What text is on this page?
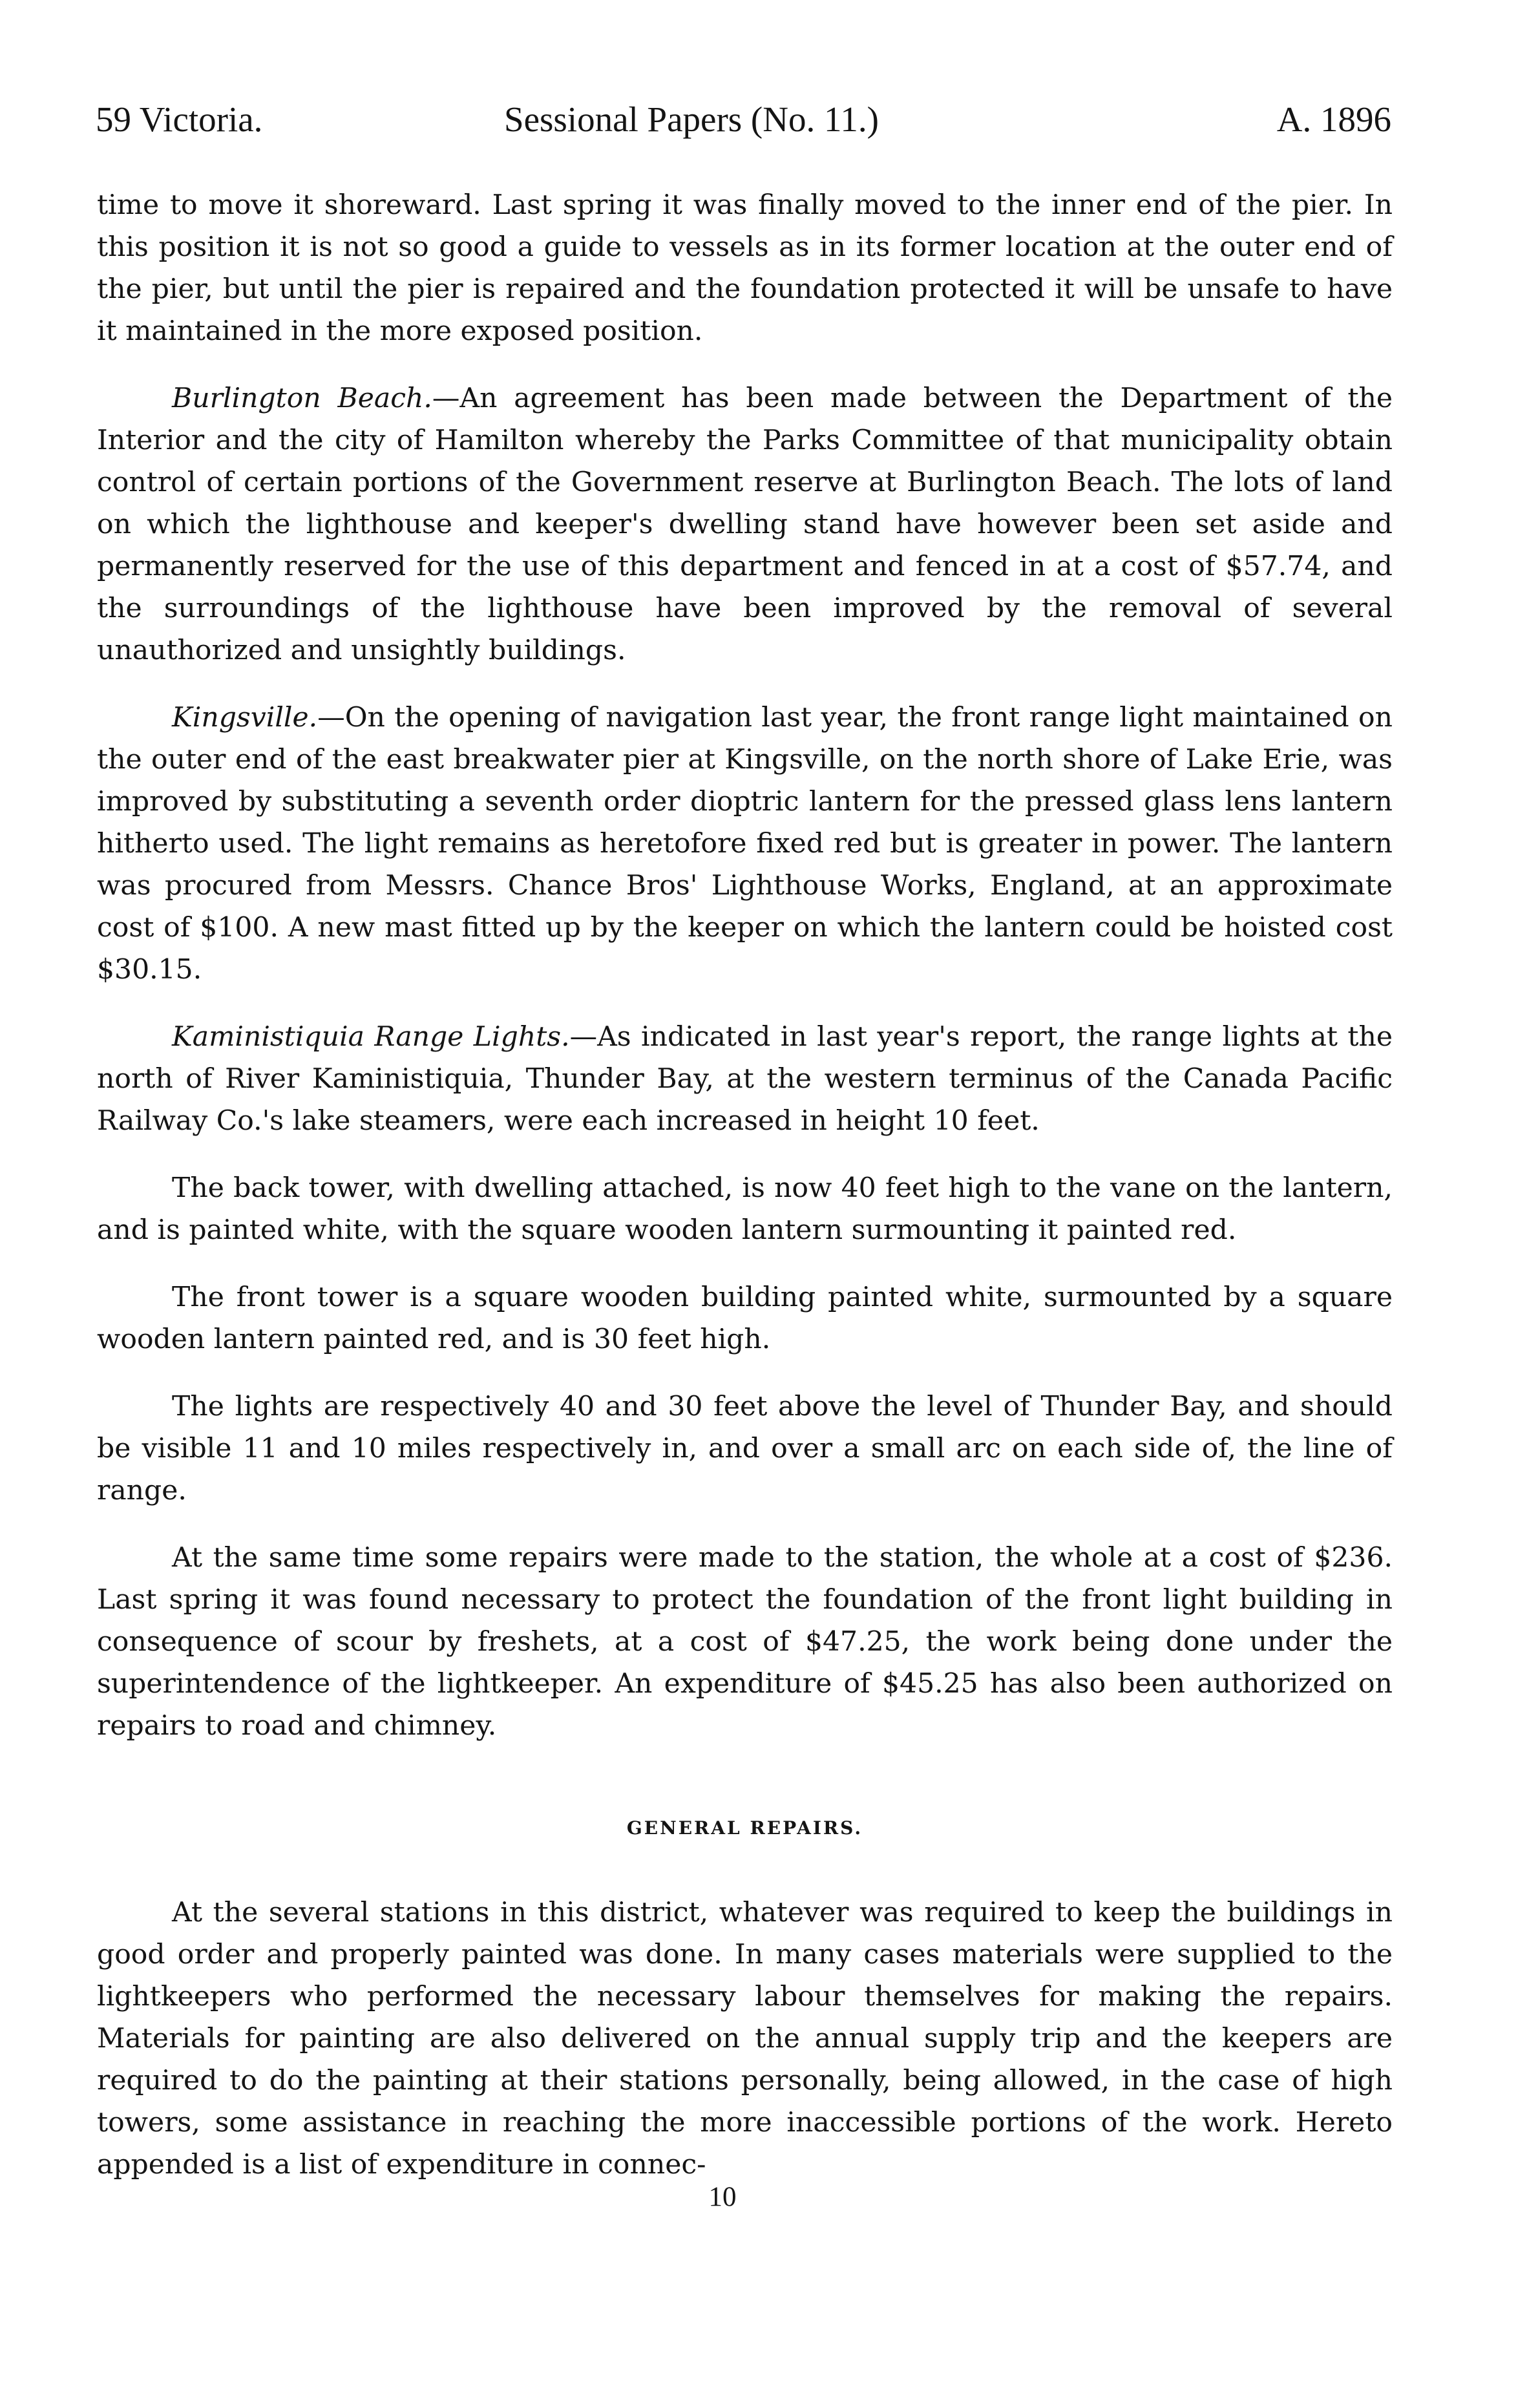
59 Victoria.	Sessional Papers (No. 11.)	A. 1896

time to move it shoreward. Last spring it was finally moved to the inner end of the pier. In this position it is not so good a guide to vessels as in its former location at the outer end of the pier, but until the pier is repaired and the foundation protected it will be unsafe to have it maintained in the more exposed position.

Burlington Beach.—An agreement has been made between the Department of the Interior and the city of Hamilton whereby the Parks Committee of that municipality obtain control of certain portions of the Government reserve at Burlington Beach. The lots of land on which the lighthouse and keeper's dwelling stand have however been set aside and permanently reserved for the use of this department and fenced in at a cost of $57.74, and the surroundings of the lighthouse have been improved by the removal of several unauthorized and unsightly buildings.

Kingsville.—On the opening of navigation last year, the front range light maintained on the outer end of the east breakwater pier at Kingsville, on the north shore of Lake Erie, was improved by substituting a seventh order dioptric lantern for the pressed glass lens lantern hitherto used. The light remains as heretofore fixed red but is greater in power. The lantern was procured from Messrs. Chance Bros' Lighthouse Works, England, at an approximate cost of $100. A new mast fitted up by the keeper on which the lantern could be hoisted cost $30.15.

Kaministiquia Range Lights.—As indicated in last year's report, the range lights at the north of River Kaministiquia, Thunder Bay, at the western terminus of the Canada Pacific Railway Co.'s lake steamers, were each increased in height 10 feet.

The back tower, with dwelling attached, is now 40 feet high to the vane on the lantern, and is painted white, with the square wooden lantern surmounting it painted red.

The front tower is a square wooden building painted white, surmounted by a square wooden lantern painted red, and is 30 feet high.

The lights are respectively 40 and 30 feet above the level of Thunder Bay, and should be visible 11 and 10 miles respectively in, and over a small arc on each side of, the line of range.

At the same time some repairs were made to the station, the whole at a cost of $236. Last spring it was found necessary to protect the foundation of the front light building in consequence of scour by freshets, at a cost of $47.25, the work being done under the superintendence of the lightkeeper. An expenditure of $45.25 has also been authorized on repairs to road and chimney.

GENERAL REPAIRS.

At the several stations in this district, whatever was required to keep the buildings in good order and properly painted was done. In many cases materials were supplied to the lightkeepers who performed the necessary labour themselves for making the repairs. Materials for painting are also delivered on the annual supply trip and the keepers are required to do the painting at their stations personally, being allowed, in the case of high towers, some assistance in reaching the more inaccessible portions of the work. Hereto appended is a list of expenditure in connec-

10
